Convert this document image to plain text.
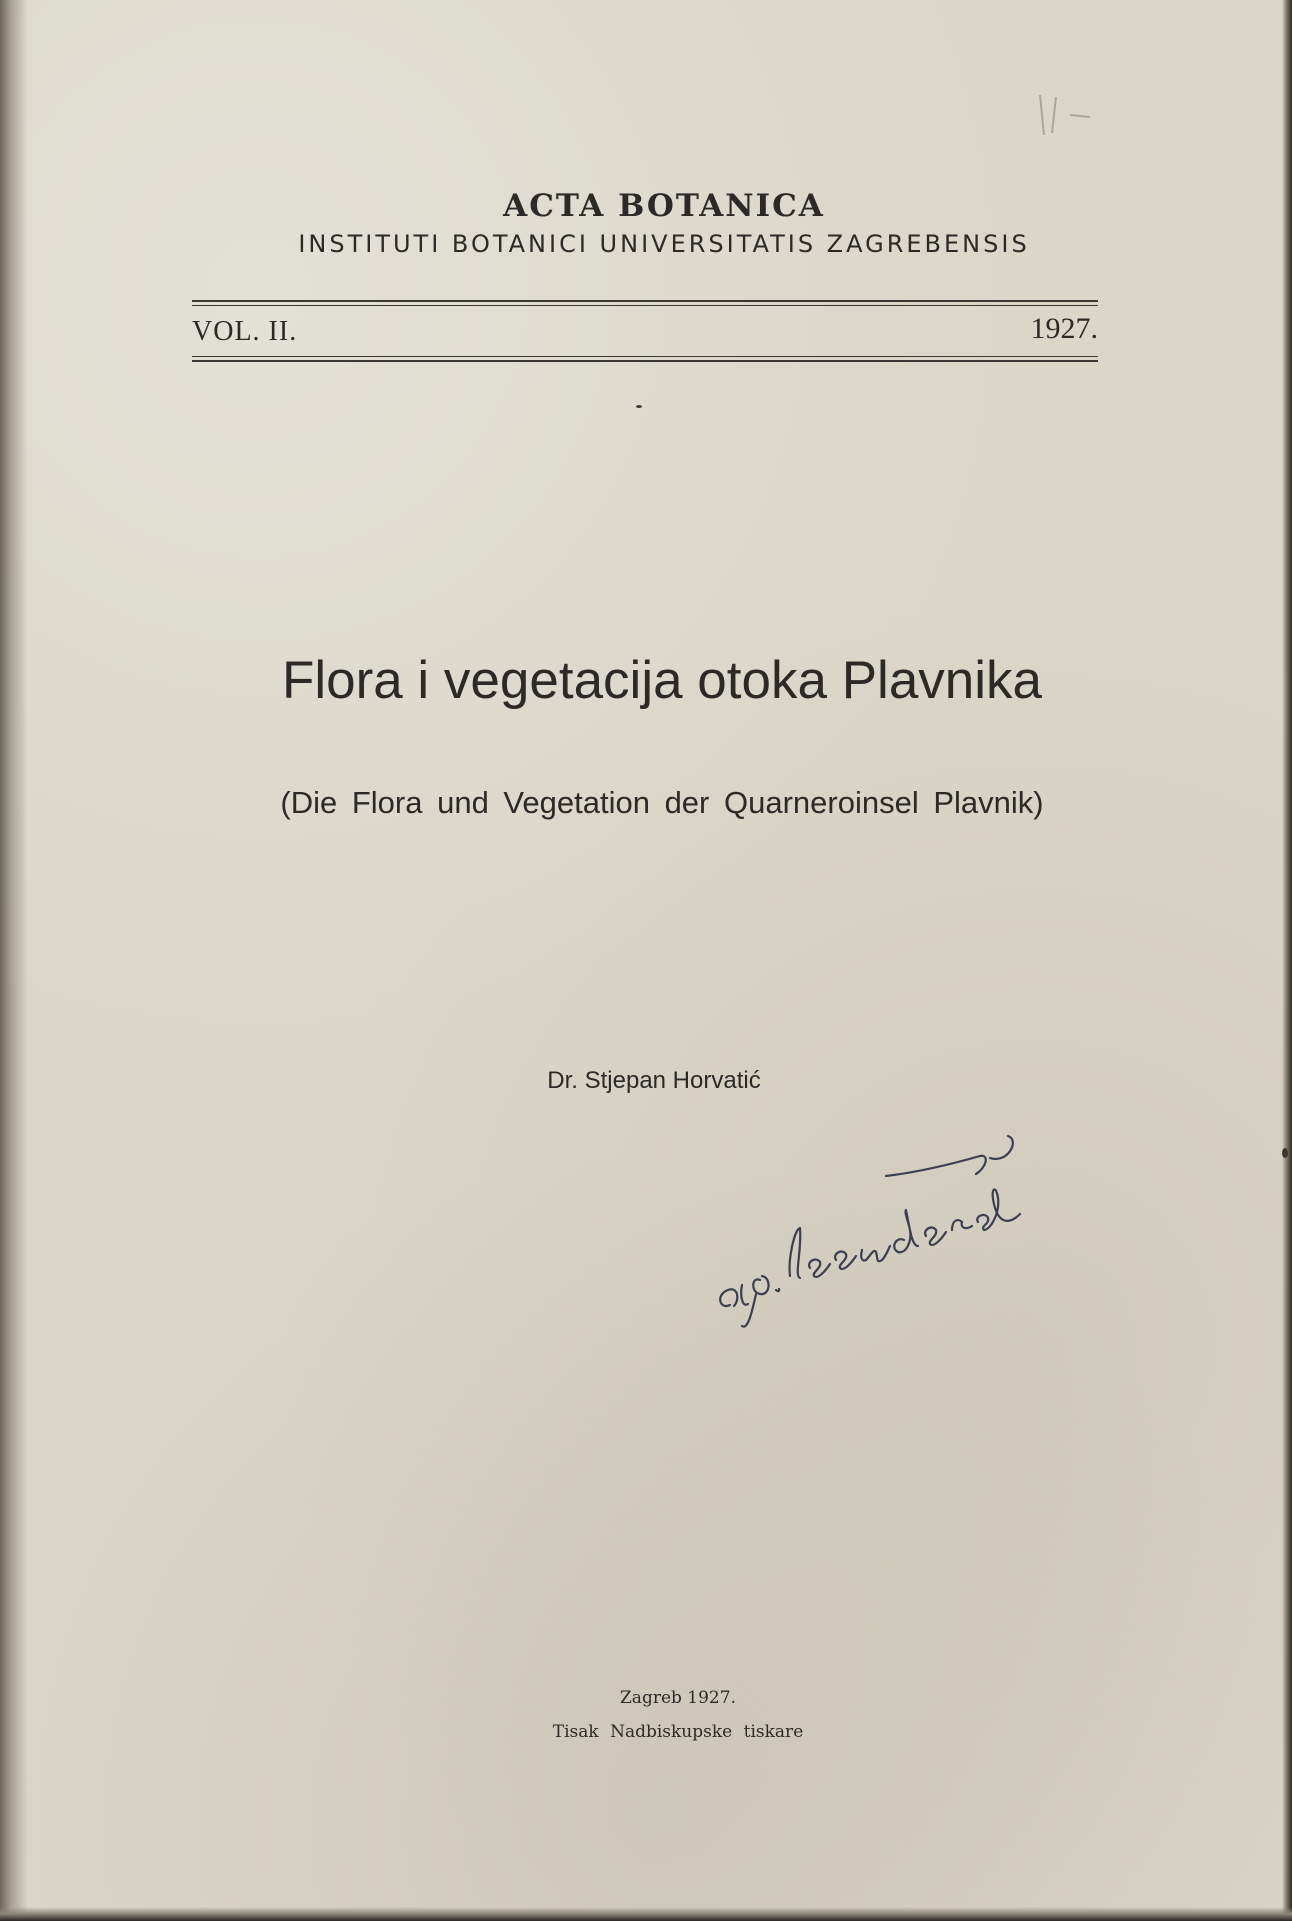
ACTA BOTANICA

INSTITUTI BOTANICI UNIVERSITATIS ZAGREBENSIS

VOL. II.	1927.

Flora i vegetacija otoka Plavnika

(Die Flora und Vegetation der Quarneroinsel Plavnik)

Dr. Stjepan Horvatić

Zagreb 1927.

Tisak Nadbiskupske tiskare
